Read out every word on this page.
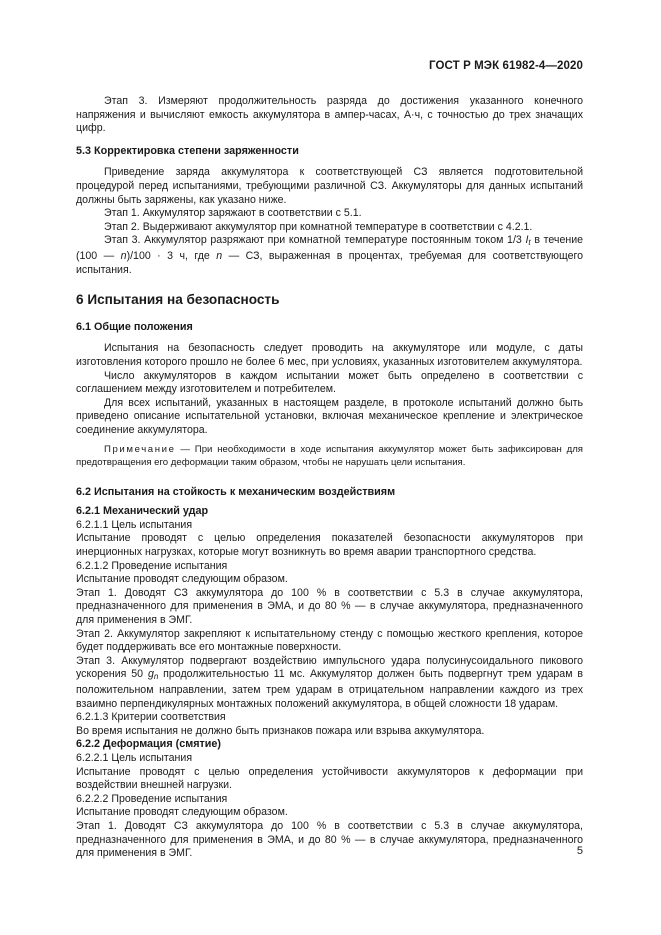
ГОСТ Р МЭК 61982-4—2020

Этап 3. Измеряют продолжительность разряда до достижения указанного конечного напряжения и вычисляют емкость аккумулятора в ампер-часах, А·ч, с точностью до трех значащих цифр.

5.3 Корректировка степени заряженности

Приведение заряда аккумулятора к соответствующей СЗ является подготовительной процедурой перед испытаниями, требующими различной СЗ. Аккумуляторы для данных испытаний должны быть заряжены, как указано ниже.

Этап 1. Аккумулятор заряжают в соответствии с 5.1.

Этап 2. Выдерживают аккумулятор при комнатной температуре в соответствии с 4.2.1.

Этап 3. Аккумулятор разряжают при комнатной температуре постоянным током 1/3 $I_t$ в течение (100 — n)/100 · 3 ч, где n — СЗ, выраженная в процентах, требуемая для соответствующего испытания.

6 Испытания на безопасность

6.1 Общие положения

Испытания на безопасность следует проводить на аккумуляторе или модуле, с даты изготовления которого прошло не более 6 мес, при условиях, указанных изготовителем аккумулятора.

Число аккумуляторов в каждом испытании может быть определено в соответствии с соглашением между изготовителем и потребителем.

Для всех испытаний, указанных в настоящем разделе, в протоколе испытаний должно быть приведено описание испытательной установки, включая механическое крепление и электрическое соединение аккумулятора.

Примечание — При необходимости в ходе испытания аккумулятор может быть зафиксирован для предотвращения его деформации таким образом, чтобы не нарушать цели испытания.

6.2 Испытания на стойкость к механическим воздействиям

6.2.1 Механический удар

6.2.1.1 Цель испытания

Испытание проводят с целью определения показателей безопасности аккумуляторов при инерционных нагрузках, которые могут возникнуть во время аварии транспортного средства.

6.2.1.2 Проведение испытания

Испытание проводят следующим образом.

Этап 1. Доводят СЗ аккумулятора до 100 % в соответствии с 5.3 в случае аккумулятора, предназначенного для применения в ЭМА, и до 80 % — в случае аккумулятора, предназначенного для применения в ЭМГ.

Этап 2. Аккумулятор закрепляют к испытательному стенду с помощью жесткого крепления, которое будет поддерживать все его монтажные поверхности.

Этап 3. Аккумулятор подвергают воздействию импульсного удара полусинусоидального пикового ускорения 50 $g_n$ продолжительностью 11 мс. Аккумулятор должен быть подвергнут трем ударам в положительном направлении, затем трем ударам в отрицательном направлении каждого из трех взаимно перпендикулярных монтажных положений аккумулятора, в общей сложности 18 ударам.

6.2.1.3 Критерии соответствия

Во время испытания не должно быть признаков пожара или взрыва аккумулятора.

6.2.2 Деформация (смятие)

6.2.2.1 Цель испытания

Испытание проводят с целью определения устойчивости аккумуляторов к деформации при воздействии внешней нагрузки.

6.2.2.2 Проведение испытания

Испытание проводят следующим образом.

Этап 1. Доводят СЗ аккумулятора до 100 % в соответствии с 5.3 в случае аккумулятора, предназначенного для применения в ЭМА, и до 80 % — в случае аккумулятора, предназначенного для применения в ЭМГ.	5
